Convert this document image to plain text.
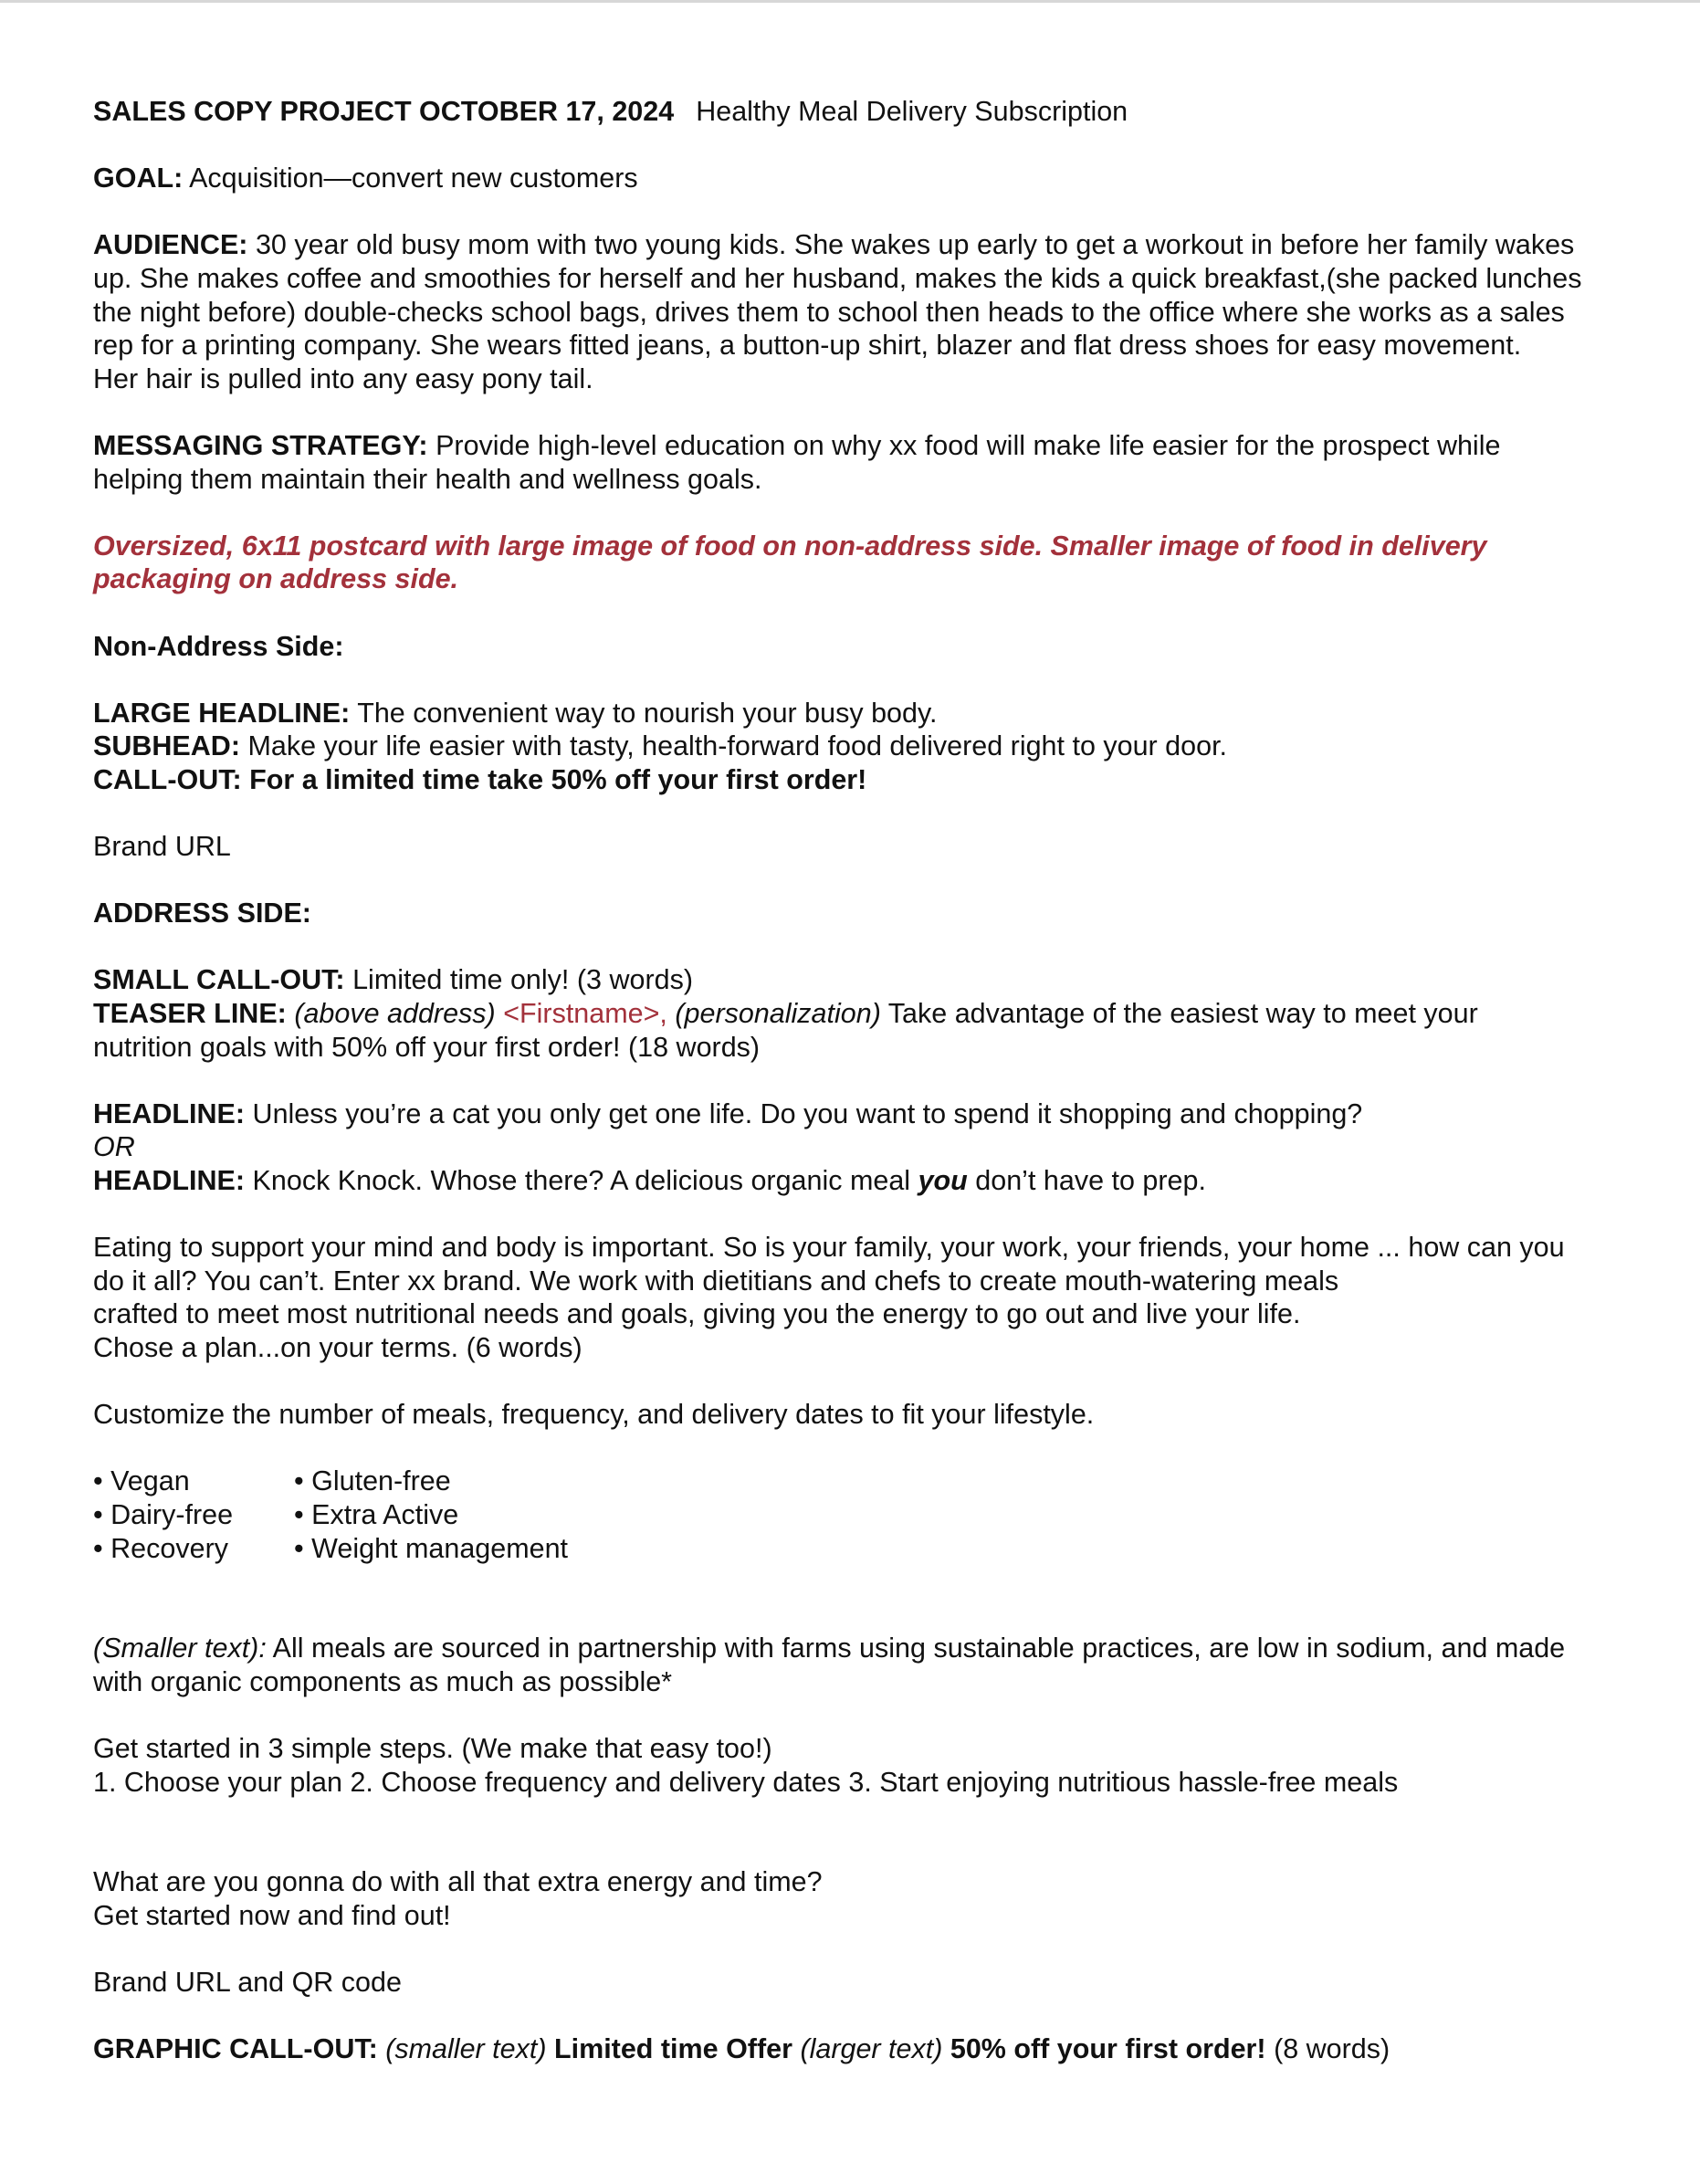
SALES COPY PROJECT OCTOBER 17, 2024 Healthy Meal Delivery Subscription
GOAL: Acquisition—convert new customers
AUDIENCE: 30 year old busy mom with two young kids. She wakes up early to get a workout in before her family wakes
up. She makes coffee and smoothies for herself and her husband, makes the kids a quick breakfast,(she packed lunches
the night before) double-checks school bags, drives them to school then heads to the office where she works as a sales
rep for a printing company. She wears fitted jeans, a button-up shirt, blazer and flat dress shoes for easy movement.
Her hair is pulled into any easy pony tail.
MESSAGING STRATEGY: Provide high-level education on why xx food will make life easier for the prospect while
helping them maintain their health and wellness goals.
Oversized, 6x11 postcard with large image of food on non-address side. Smaller image of food in delivery
packaging on address side.
Non-Address Side:
LARGE HEADLINE: The convenient way to nourish your busy body.
SUBHEAD: Make your life easier with tasty, health-forward food delivered right to your door.
CALL-OUT: For a limited time take 50% off your first order!
Brand URL
ADDRESS SIDE:
SMALL CALL-OUT: Limited time only! (3 words)
TEASER LINE: (above address) <Firstname>, (personalization) Take advantage of the easiest way to meet your
nutrition goals with 50% off your first order! (18 words)
HEADLINE: Unless you’re a cat you only get one life. Do you want to spend it shopping and chopping?
OR
HEADLINE: Knock Knock. Whose there? A delicious organic meal you don’t have to prep.
Eating to support your mind and body is important. So is your family, your work, your friends, your home ... how can you
do it all? You can’t. Enter xx brand. We work with dietitians and chefs to create mouth-watering meals
crafted to meet most nutritional needs and goals, giving you the energy to go out and live your life.
Chose a plan...on your terms. (6 words)
Customize the number of meals, frequency, and delivery dates to fit your lifestyle.
• Vegan	• Gluten-free
• Dairy-free	• Extra Active
• Recovery	• Weight management
(Smaller text): All meals are sourced in partnership with farms using sustainable practices, are low in sodium, and made
with organic components as much as possible*
Get started in 3 simple steps. (We make that easy too!)
1. Choose your plan 2. Choose frequency and delivery dates 3. Start enjoying nutritious hassle-free meals
What are you gonna do with all that extra energy and time?
Get started now and find out!
Brand URL and QR code
GRAPHIC CALL-OUT: (smaller text) Limited time Offer (larger text) 50% off your first order! (8 words)
